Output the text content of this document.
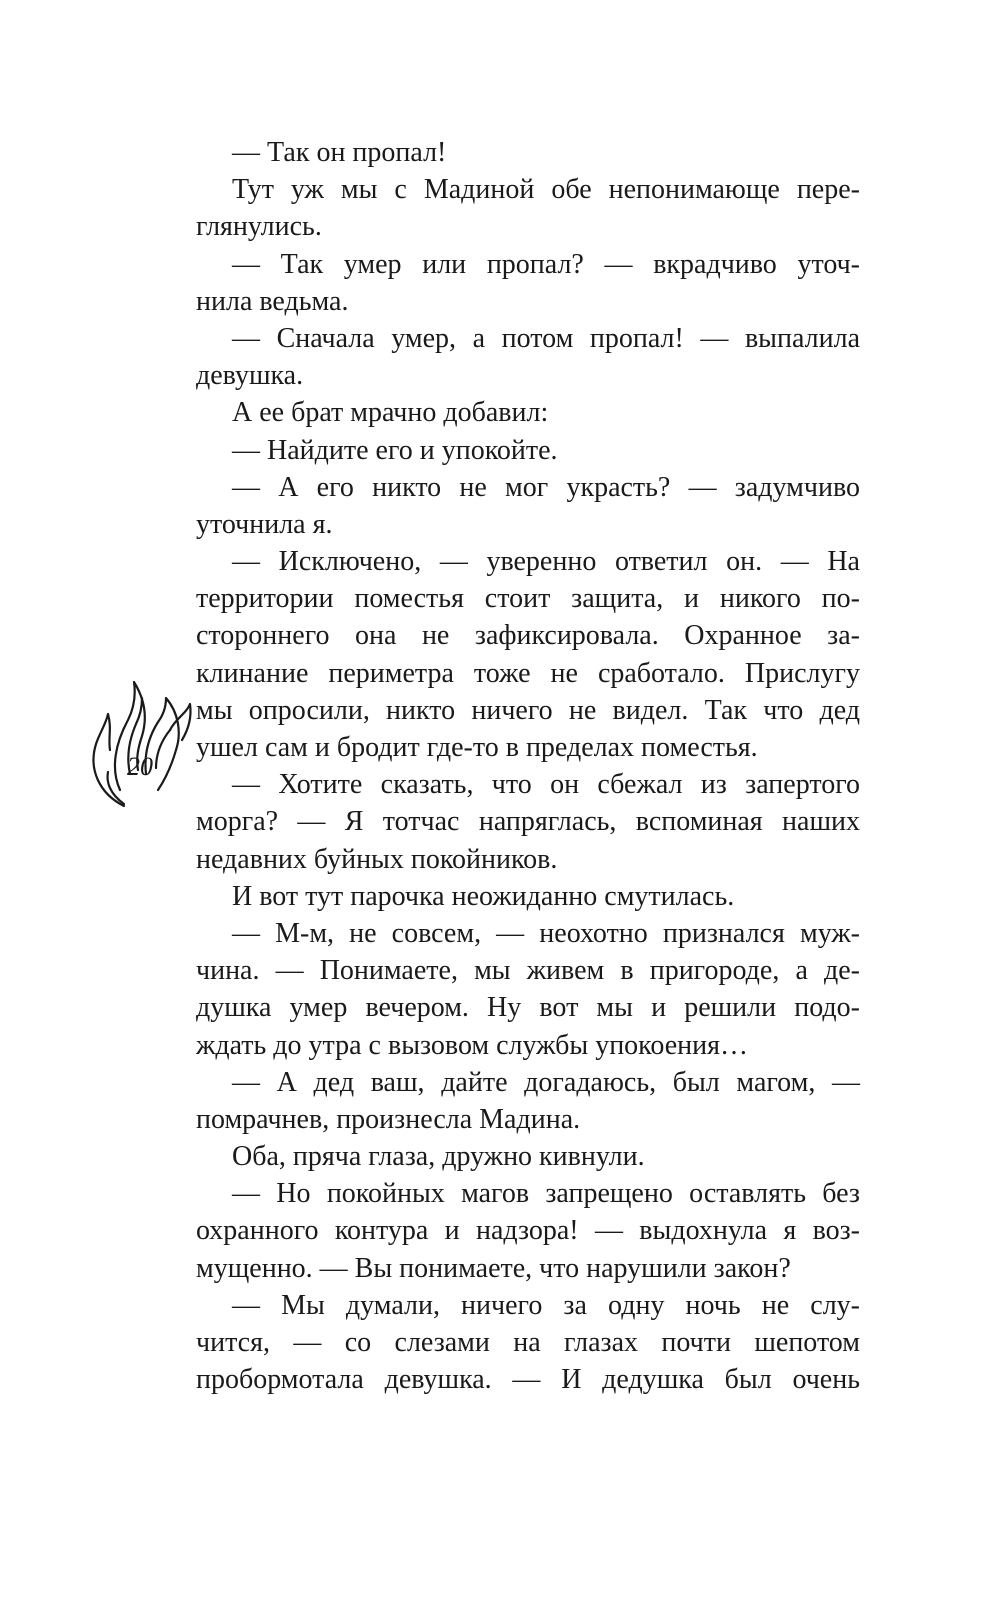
— Так он пропал!
Тут уж мы с Мадиной обе непонимающе пере-
глянулись.
— Так умер или пропал? — вкрадчиво уточ-
нила ведьма.
— Сначала умер, а потом пропал! — выпалила
девушка.
А ее брат мрачно добавил:
— Найдите его и упокойте.
— А его никто не мог украсть? — задумчиво
уточнила я.
— Исключено, — уверенно ответил он. — На
территории поместья стоит защита, и никого по-
стороннего она не зафиксировала. Охранное за-
клинание периметра тоже не сработало. Прислугу
мы опросили, никто ничего не видел. Так что дед
ушел сам и бродит где-то в пределах поместья.
— Хотите сказать, что он сбежал из запертого
морга? — Я тотчас напряглась, вспоминая наших
недавних буйных покойников.
И вот тут парочка неожиданно смутилась.
— М-м, не совсем, — неохотно признался муж-
чина. — Понимаете, мы живем в пригороде, а де-
душка умер вечером. Ну вот мы и решили подо-
ждать до утра с вызовом службы упокоения…
— А дед ваш, дайте догадаюсь, был магом, —
помрачнев, произнесла Мадина.
Оба, пряча глаза, дружно кивнули.
— Но покойных магов запрещено оставлять без
охранного контура и надзора! — выдохнула я воз-
мущенно. — Вы понимаете, что нарушили закон?
— Мы думали, ничего за одну ночь не слу-
чится, — со слезами на глазах почти шепотом
пробормотала девушка. — И дедушка был очень
20
